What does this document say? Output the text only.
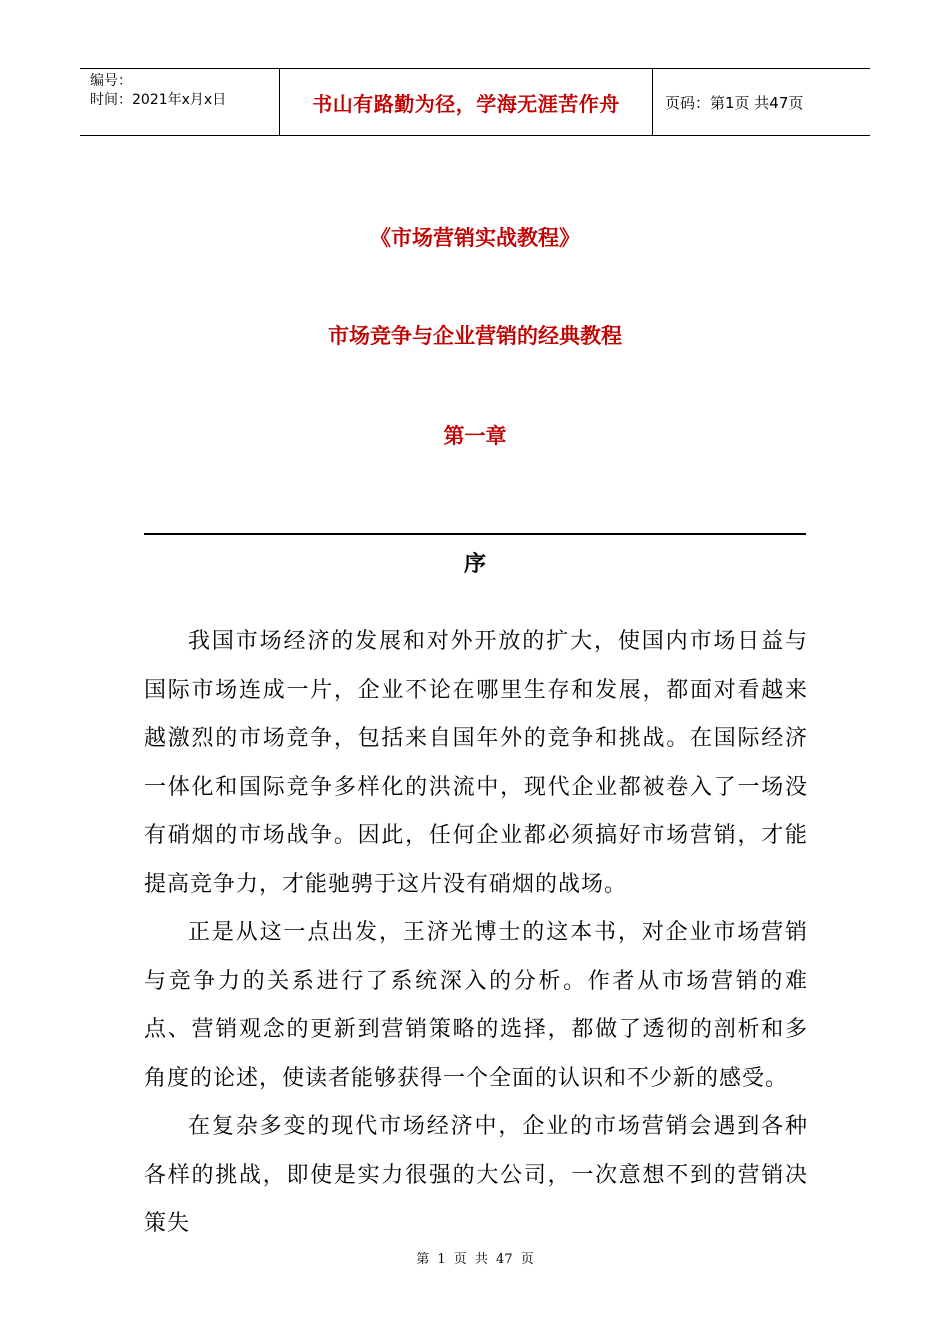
编号：
时间：2021年x月x日	书山有路勤为径，学海无涯苦作舟	页码：第1页 共47页
《市场营销实战教程》
市场竞争与企业营销的经典教程
第一章
序

我国市场经济的发展和对外开放的扩大，使国内市场日益与国际市场连成一片，企业不论在哪里生存和发展，都面对看越来越激烈的市场竞争，包括来自国年外的竞争和挑战。在国际经济一体化和国际竞争多样化的洪流中，现代企业都被卷入了一场没有硝烟的市场战争。因此，任何企业都必须搞好市场营销，才能提高竞争力，才能驰骋于这片没有硝烟的战场。

正是从这一点出发，王济光博士的这本书，对企业市场营销与竞争力的关系进行了系统深入的分析。作者从市场营销的难点、营销观念的更新到营销策略的选择，都做了透彻的剖析和多角度的论述，使读者能够获得一个全面的认识和不少新的感受。

在复杂多变的现代市场经济中，企业的市场营销会遇到各种各样的挑战，即使是实力很强的大公司，一次意想不到的营销决策失

第 1 页 共 47 页
